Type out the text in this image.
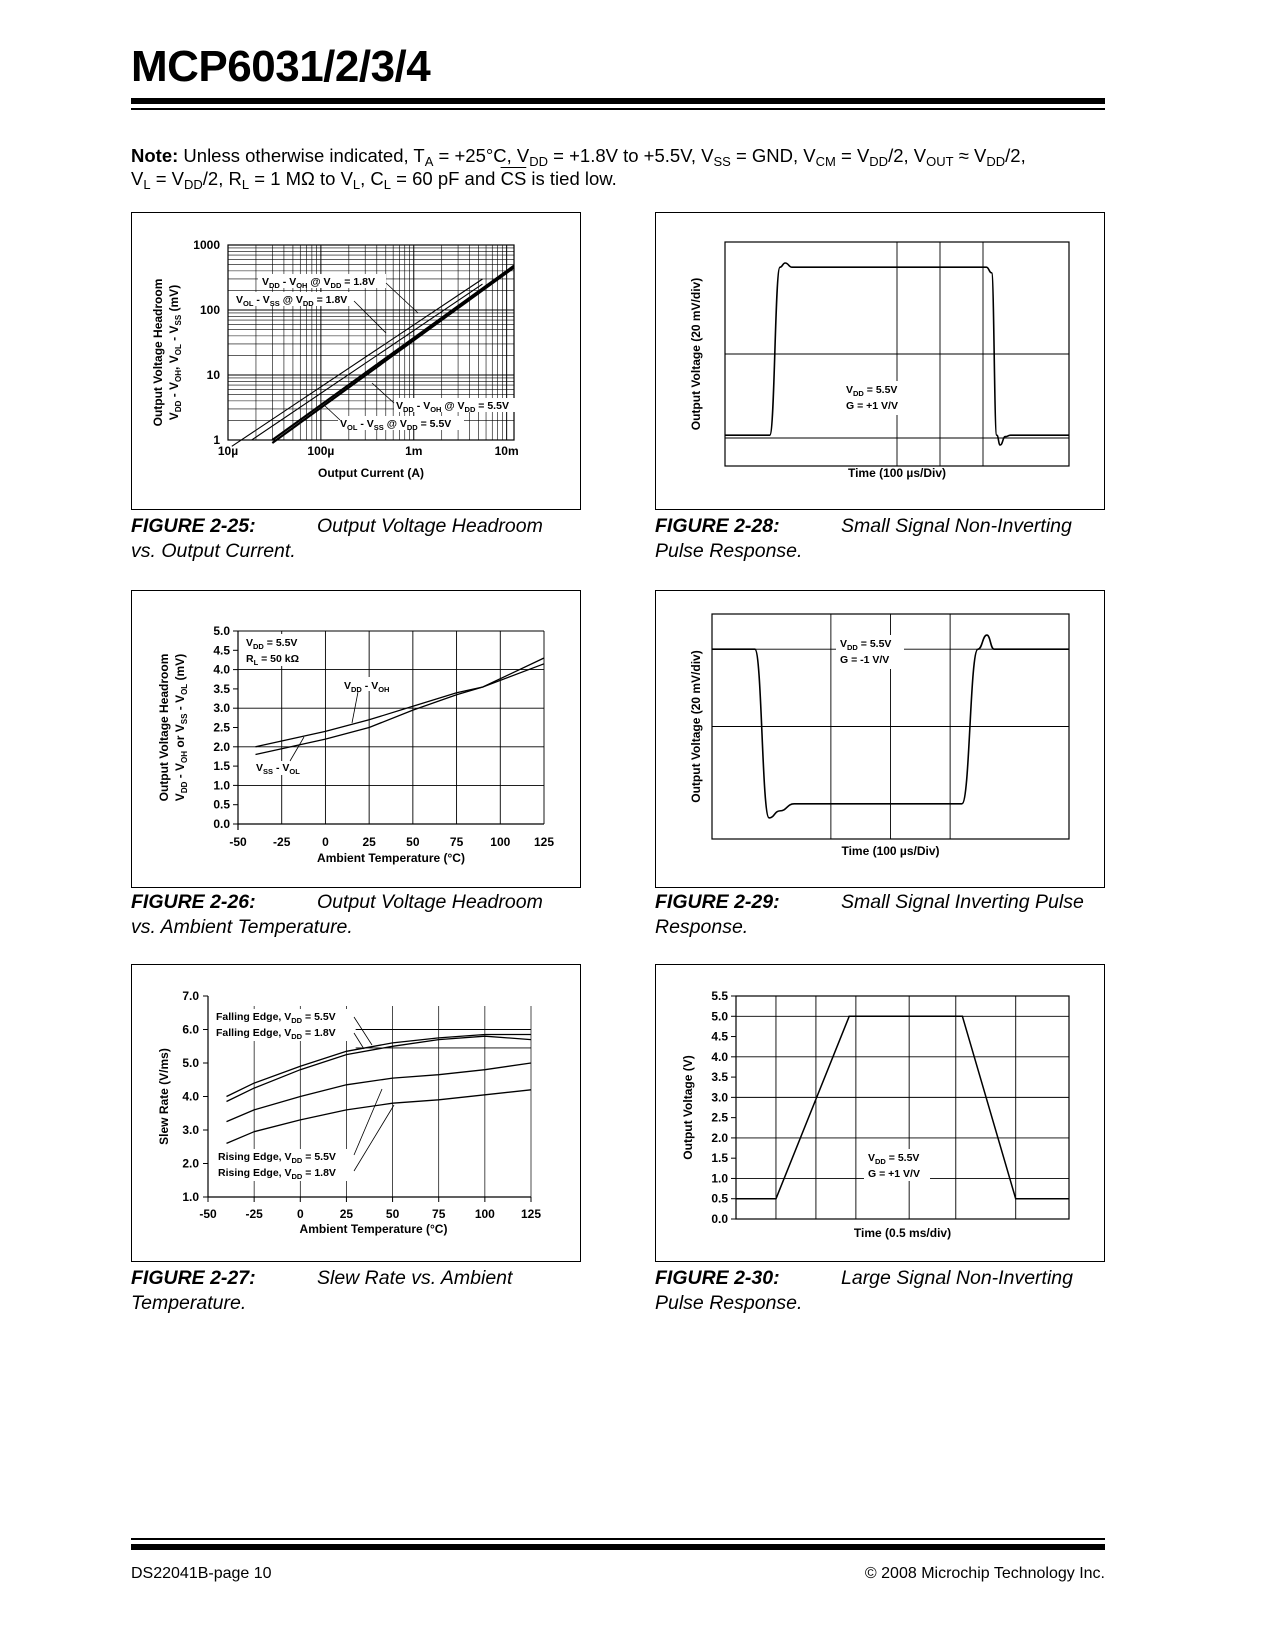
MCP6031/2/3/4
Note: Unless otherwise indicated, $T_A = +25^\circ C$, $V_{DD} = +1.8V$ to +5.5V, $V_{SS}$ = GND, $V_{CM} = V_{DD}/2$, $V_{OUT} \approx V_{DD}/2$,
$V_L = V_{DD}/2$, $R_L = 1$ MΩ to $V_L$, $C_L = 60$ pF and $\overline{CS}$ is tied low.
1
10
100
1000
10µ	100µ	1m	10m
Output Current (A)
Output Voltage Headroom $V_{DD} - V_{OH}$, $V_{OL} - V_{SS}$ (mV)
$V_{DD} - V_{OH}$ @ $V_{DD} = 1.8V$
$V_{OL} - V_{SS}$ @ $V_{DD} = 1.8V$
$V_{DD} - V_{OH}$ @ $V_{DD} = 5.5V$
$V_{OL} - V_{SS}$ @ $V_{DD} = 5.5V$
0.0
0.5
1.0
1.5
2.0
2.5
3.0
3.5
4.0
4.5
5.0
-50 -25	0	25	50	75 100 125
Ambient Temperature (°C)
Output Voltage Headroom $V_{DD} - V_{OH}$ or $V_{SS} - V_{OL}$ (mV)
$V_{DD} = 5.5V$
$R_L = 50$ kΩ
$V_{DD} - V_{OH}$
$V_{SS} - V_{OL}$
1.0
2.0
3.0
4.0
5.0
6.0
7.0
-50 -25	0	25	50	75 100 125
Ambient Temperature (°C)
Slew Rate (V/ms)
Falling Edge, $V_{DD} = 5.5V$
Falling Edge, $V_{DD} = 1.8V$
Rising Edge, $V_{DD} = 5.5V$
Rising Edge, $V_{DD} = 1.8V$
Time (100 µs/Div)
Output Voltage (20 mV/div)	$V_{DD} = 5.5V$
G = +1 V/V
Time (100 µs/Div)
Output Voltage (20 mV/div)
$V_{DD} = 5.5V$
G = -1 V/V
0.0
0.5
1.0
1.5
2.0
2.5
3.0
3.5
4.0
4.5
5.0
5.5
Time (0.5 ms/div)
Output Voltage (V)	$V_{DD} = 5.5V$
G = +1 V/V
FIGURE 2-25:	Output Voltage Headroom
vs. Output Current.
FIGURE 2-28:	Small Signal Non-Inverting
Pulse Response.
FIGURE 2-26:	Output Voltage Headroom
vs. Ambient Temperature.
FIGURE 2-29:	Small Signal Inverting Pulse
Response.
FIGURE 2-27:	Slew Rate vs. Ambient
Temperature.
FIGURE 2-30:	Large Signal Non-Inverting
Pulse Response.
DS22041B-page 10	© 2008 Microchip Technology Inc.
